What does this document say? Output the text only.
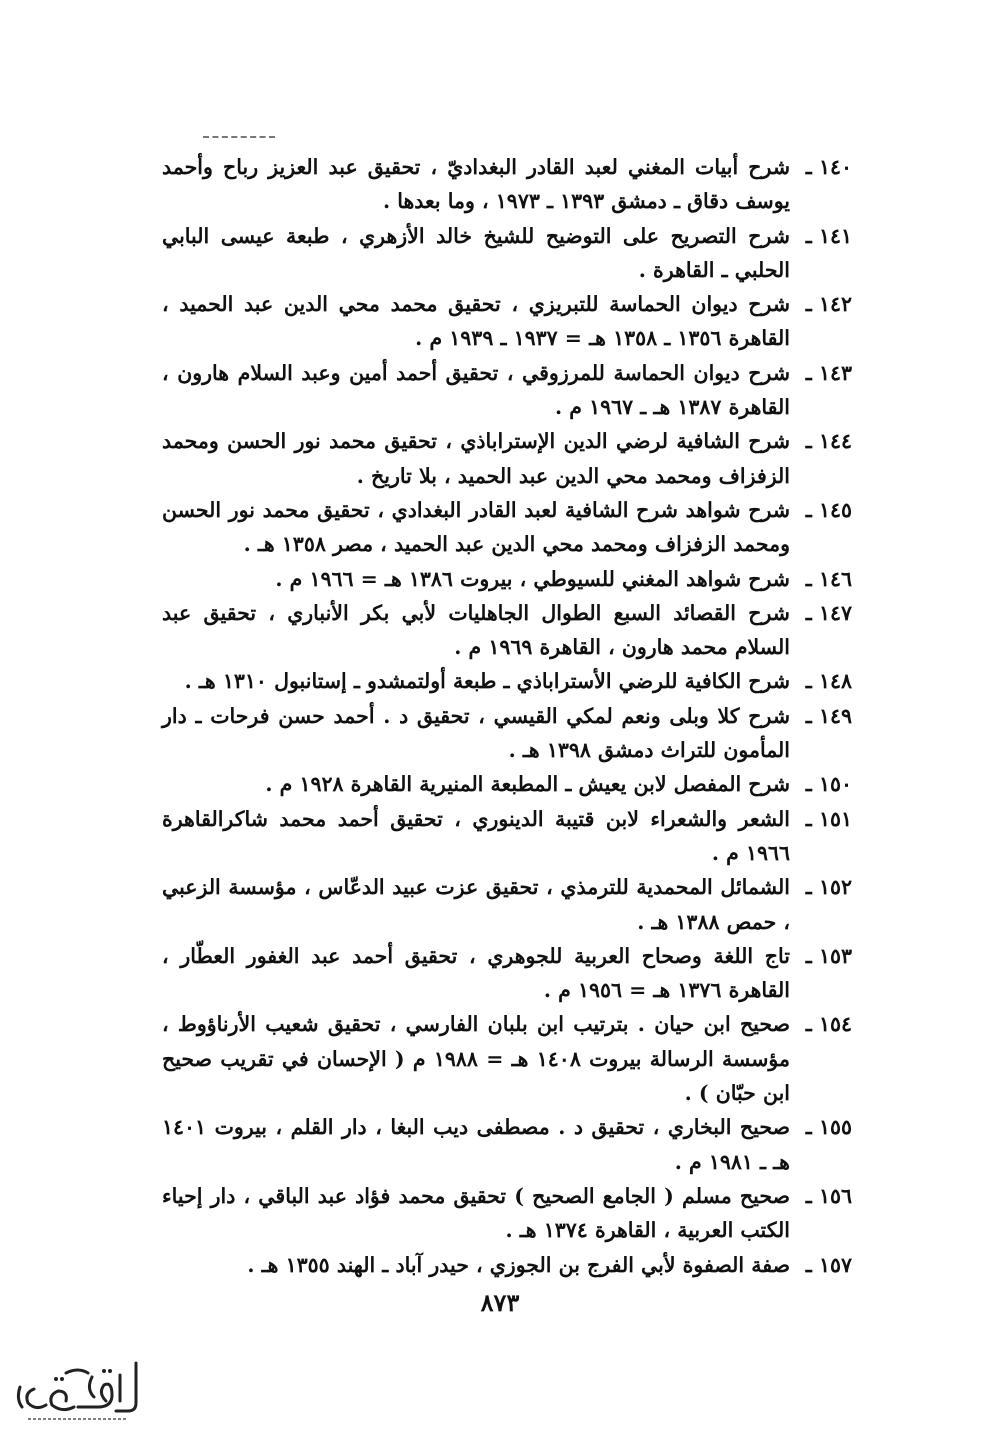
١٤٠ ـ
شرح أبيات المغني لعبد القادر البغداديّ ، تحقيق عبد العزيز رباح وأحمد يوسف دقاق ـ دمشق ١٣٩٣ ـ ١٩٧٣ ، وما بعدها .
١٤١ ـ
شرح التصريح على التوضيح للشيخ خالد الأزهري ، طبعة عيسى البابي الحلبي ـ القاهرة .
١٤٢ ـ
شرح ديوان الحماسة للتبريزي ، تحقيق محمد محي الدين عبد الحميد ، القاهرة ١٣٥٦ ـ ١٣٥٨ هـ = ١٩٣٧ ـ ١٩٣٩ م .
١٤٣ ـ
شرح ديوان الحماسة للمرزوقي ، تحقيق أحمد أمين وعبد السلام هارون ، القاهرة ١٣٨٧ هـ ـ ١٩٦٧ م .
١٤٤ ـ
شرح الشافية لرضي الدين الإستراباذي ، تحقيق محمد نور الحسن ومحمد الزفزاف ومحمد محي الدين عبد الحميد ، بلا تاريخ .
١٤٥ ـ
شرح شواهد شرح الشافية لعبد القادر البغدادي ، تحقيق محمد نور الحسن ومحمد الزفزاف ومحمد محي الدين عبد الحميد ، مصر ١٣٥٨ هـ .
١٤٦ ـ
شرح شواهد المغني للسيوطي ، بيروت ١٣٨٦ هـ = ١٩٦٦ م .
١٤٧ ـ
شرح القصائد السبع الطوال الجاهليات لأبي بكر الأنباري ، تحقيق عبد السلام محمد هارون ، القاهرة ١٩٦٩ م .
١٤٨ ـ
شرح الكافية للرضي الأستراباذي ـ طبعة أولتمشدو ـ إستانبول ١٣١٠ هـ .
١٤٩ ـ
شرح كلا وبلى ونعم لمكي القيسي ، تحقيق د . أحمد حسن فرحات ـ دار المأمون للتراث دمشق ١٣٩٨ هـ .
١٥٠ ـ
شرح المفصل لابن يعيش ـ المطبعة المنيرية القاهرة ١٩٢٨ م .
١٥١ ـ
الشعر والشعراء لابن قتيبة الدينوري ، تحقيق أحمد محمد شاكرالقاهرة ١٩٦٦ م .
١٥٢ ـ
الشمائل المحمدية للترمذي ، تحقيق عزت عبيد الدعّاس ، مؤسسة الزعبي ، حمص ١٣٨٨ هـ .
١٥٣ ـ
تاج اللغة وصحاح العربية للجوهري ، تحقيق أحمد عبد الغفور العطّار ، القاهرة ١٣٧٦ هـ = ١٩٥٦ م .
١٥٤ ـ
صحيح ابن حيان . بترتيب ابن بلبان الفارسي ، تحقيق شعيب الأرناؤوط ، مؤسسة الرسالة بيروت ١٤٠٨ هـ = ١٩٨٨ م ( الإحسان في تقريب صحيح ابن حبّان ) .
١٥٥ ـ
صحيح البخاري ، تحقيق د . مصطفى ديب البغا ، دار القلم ، بيروت ١٤٠١ هـ ـ ١٩٨١ م .
١٥٦ ـ
صحيح مسلم ( الجامع الصحيح ) تحقيق محمد فؤاد عبد الباقي ، دار إحياء الكتب العربية ، القاهرة ١٣٧٤ هـ .
١٥٧ ـ
صفة الصفوة لأبي الفرج بن الجوزي ، حيدر آباد ـ الهند ١٣٥٥ هـ .
٨٧٣
